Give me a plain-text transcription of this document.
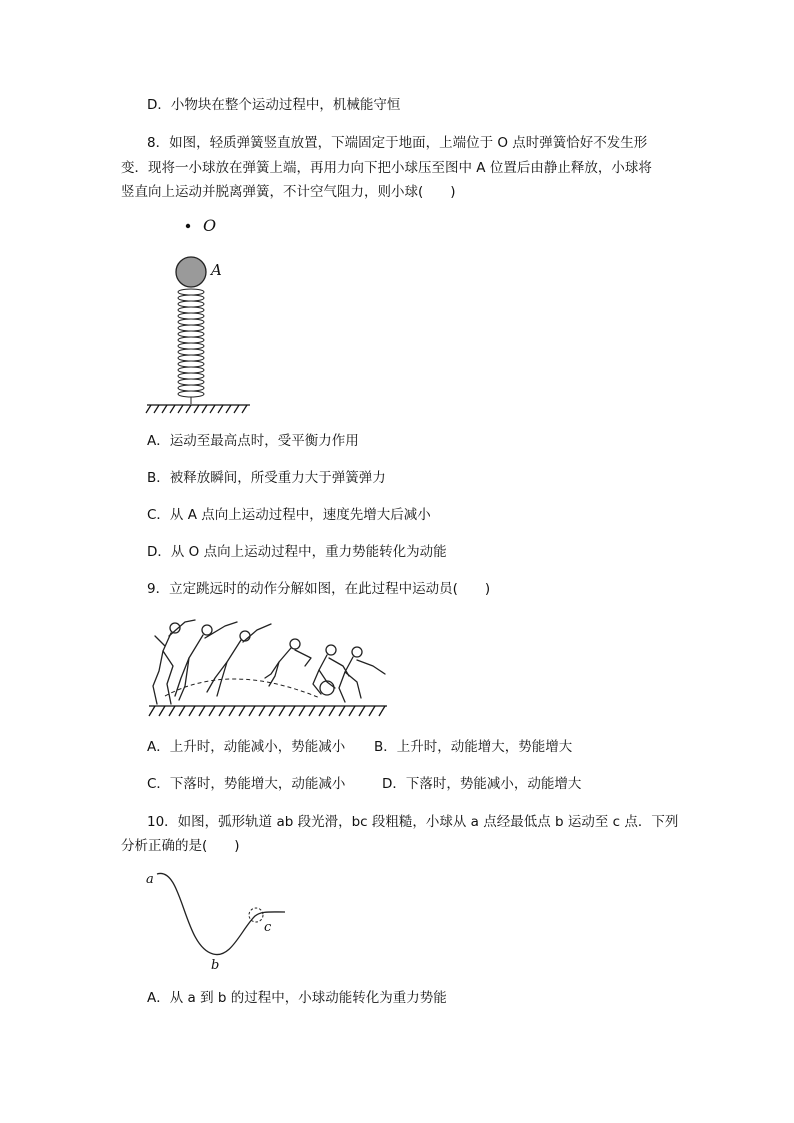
D．小物块在整个运动过程中，机械能守恒
8．如图，轻质弹簧竖直放置，下端固定于地面，上端位于 O 点时弹簧恰好不发生形
变．现将一小球放在弹簧上端，再用力向下把小球压至图中 A 位置后由静止释放，小球将
竖直向上运动并脱离弹簧，不计空气阻力，则小球(　　)
O
A
A．运动至最高点时，受平衡力作用
B．被释放瞬间，所受重力大于弹簧弹力
C．从 A 点向上运动过程中，速度先增大后减小
D．从 O 点向上运动过程中，重力势能转化为动能
9．立定跳远时的动作分解如图，在此过程中运动员(　　)
A．上升时，动能减小，势能减小 B．上升时，动能增大，势能增大
C．下落时，势能增大，动能减小	D．下落时，势能减小，动能增大
10．如图，弧形轨道 ab 段光滑，bc 段粗糙，小球从 a 点经最低点 b 运动至 c 点．下列
分析正确的是(　　)
a
b
c
A．从 a 到 b 的过程中，小球动能转化为重力势能
